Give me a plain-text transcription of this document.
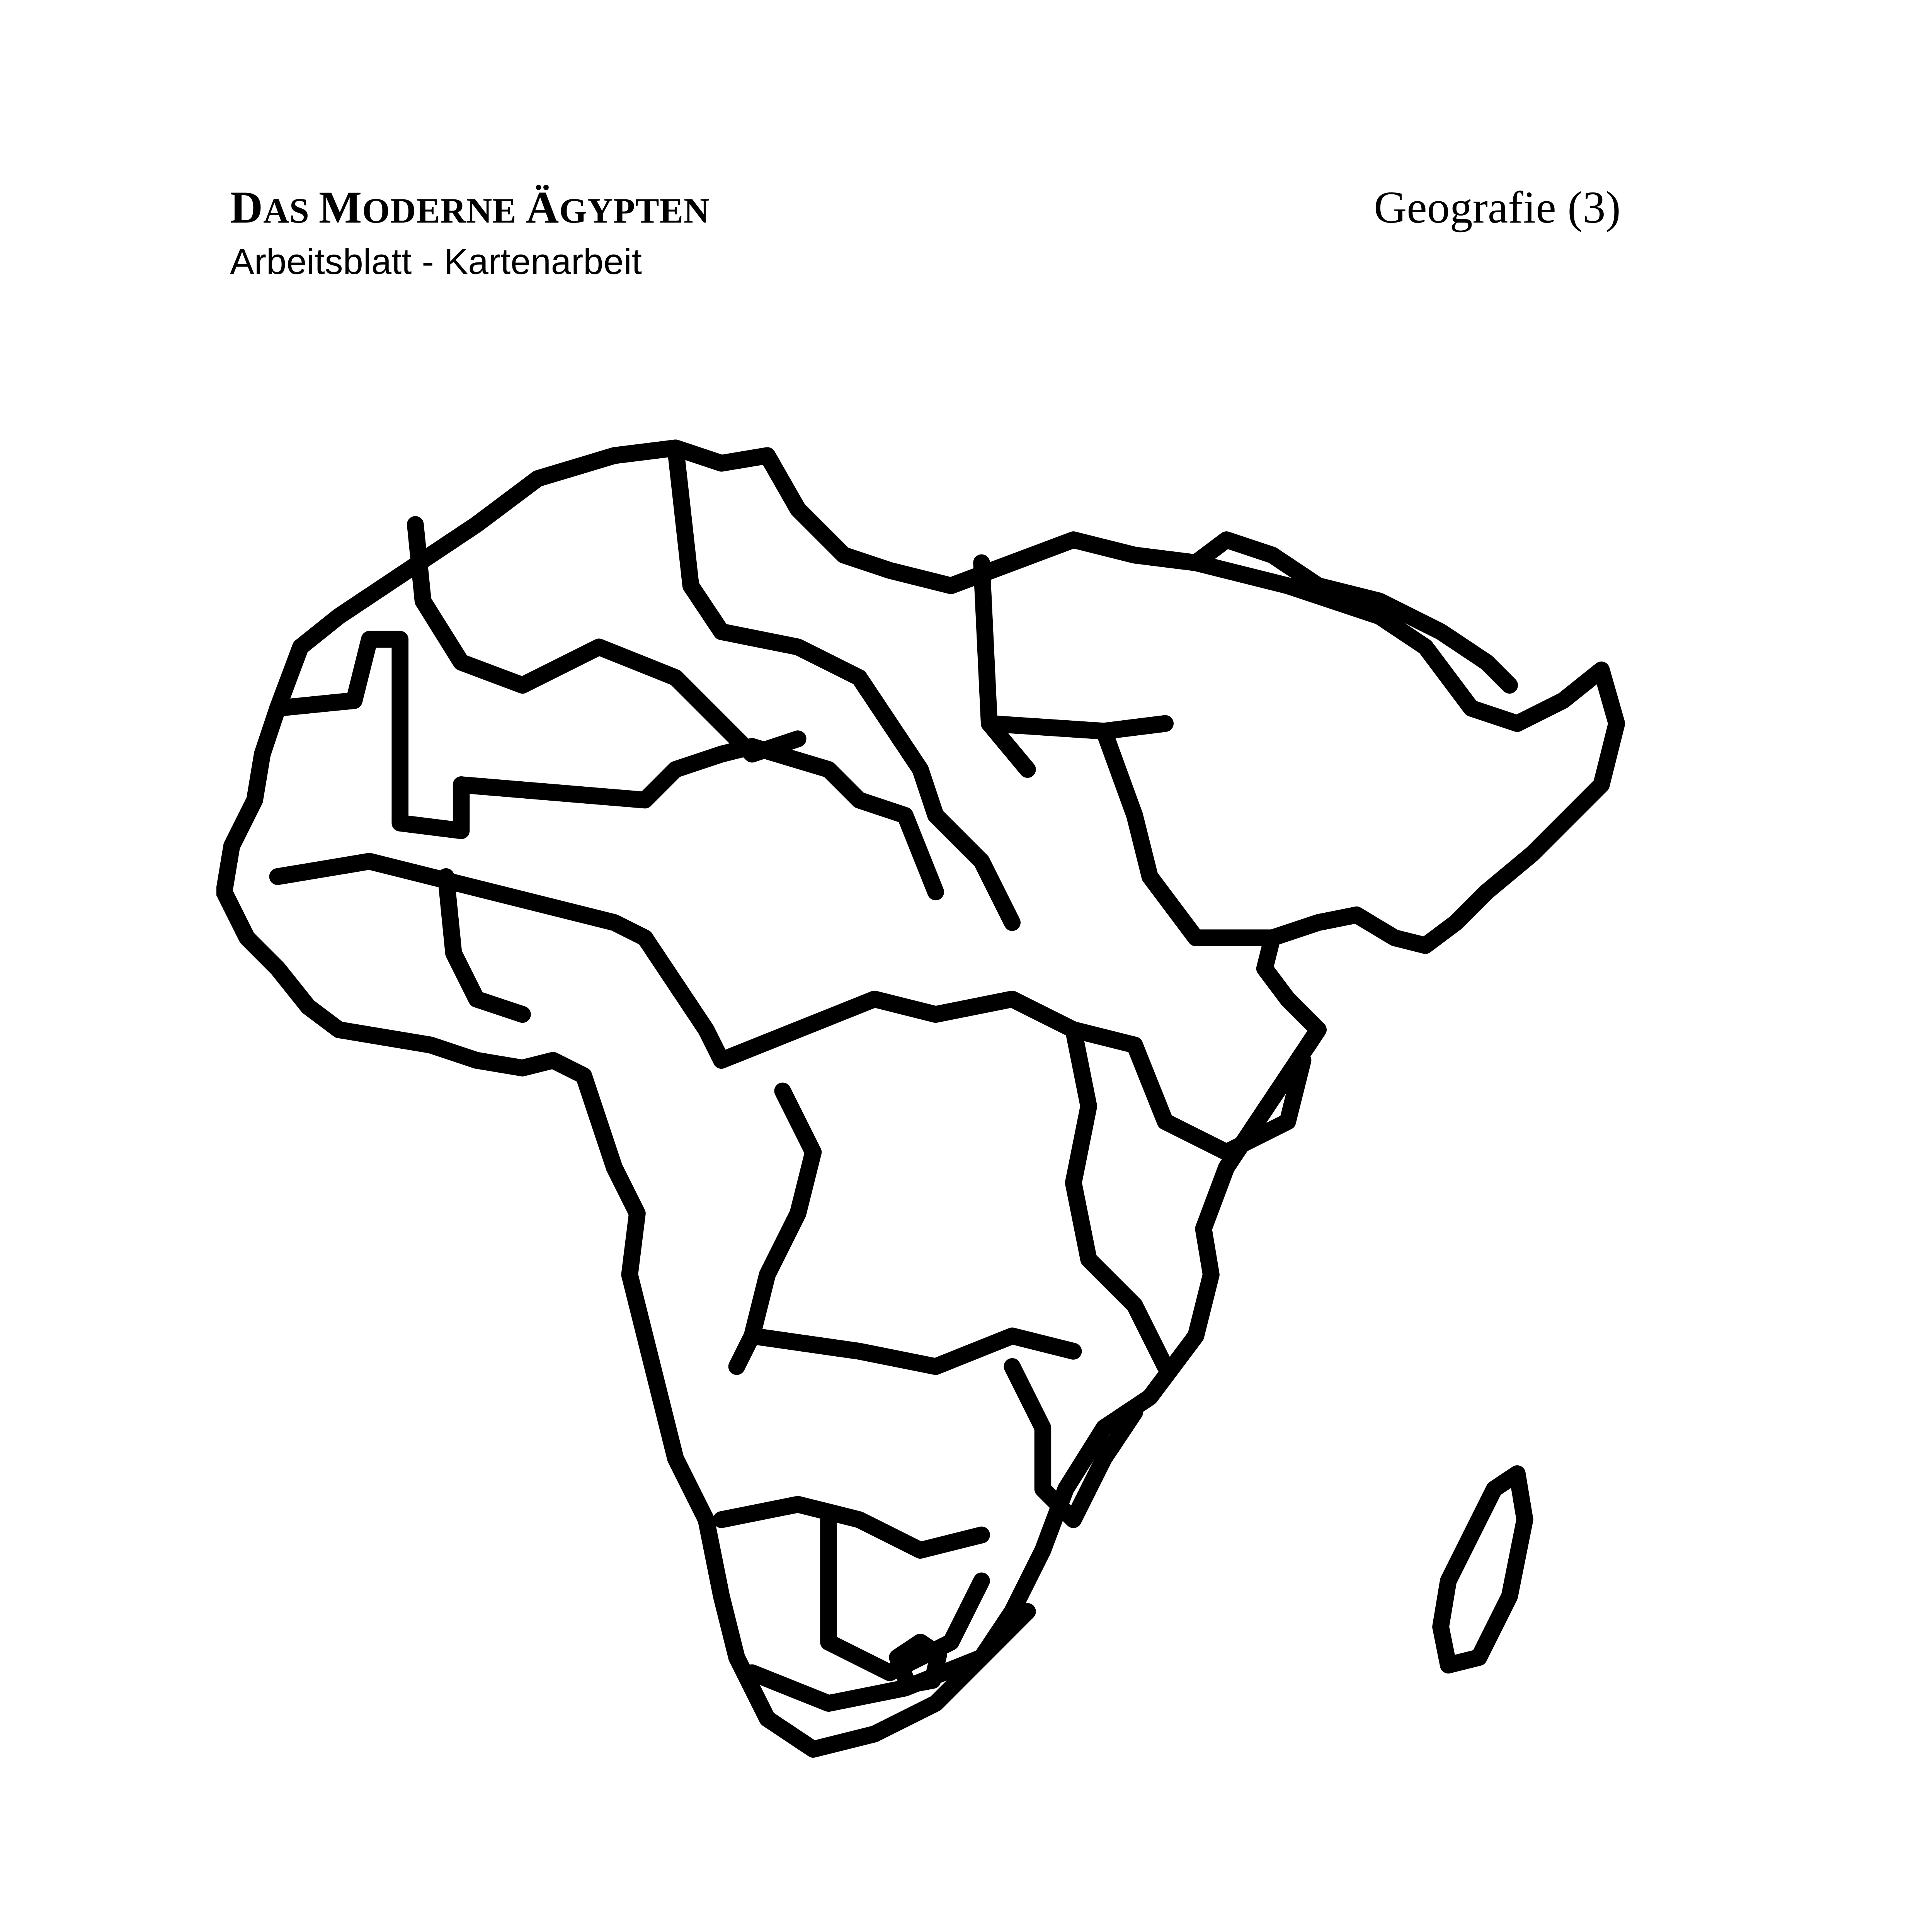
DAS MODERNE ÄGYPTEN	Geografie (3)
Arbeitsblatt - Kartenarbeit
